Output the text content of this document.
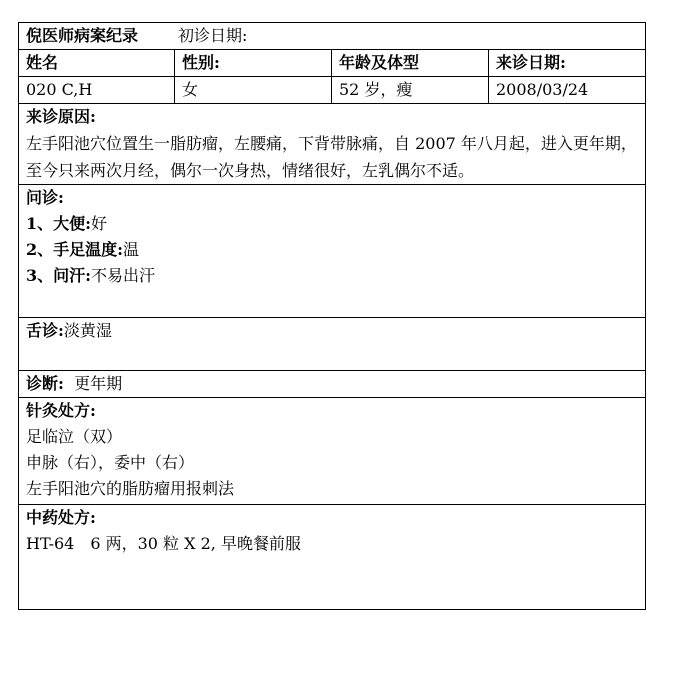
倪医师病案纪录 初诊日期:			
姓名	性别:	年龄及体型	来诊日期:
020 C,H	女	52 岁，瘦	2008/03/24

来诊原因:
左手阳池穴位置生一脂肪瘤，左腰痛，下背带脉痛，自 2007 年八月起，进入更年期，至今只来两次月经，偶尔一次身热，情绪很好，左乳偶尔不适。			

问诊:
1、大便:好
2、手足温度:温
3、问汗:不易出汗			

舌诊:淡黄湿			
诊断: 更年期			

针灸处方:
足临泣（双）
申脉（右），委中（右）
左手阳池穴的脂肪瘤用报刺法			

中药处方:
HT-64　6 两，30 粒 X 2, 早晚餐前服			
